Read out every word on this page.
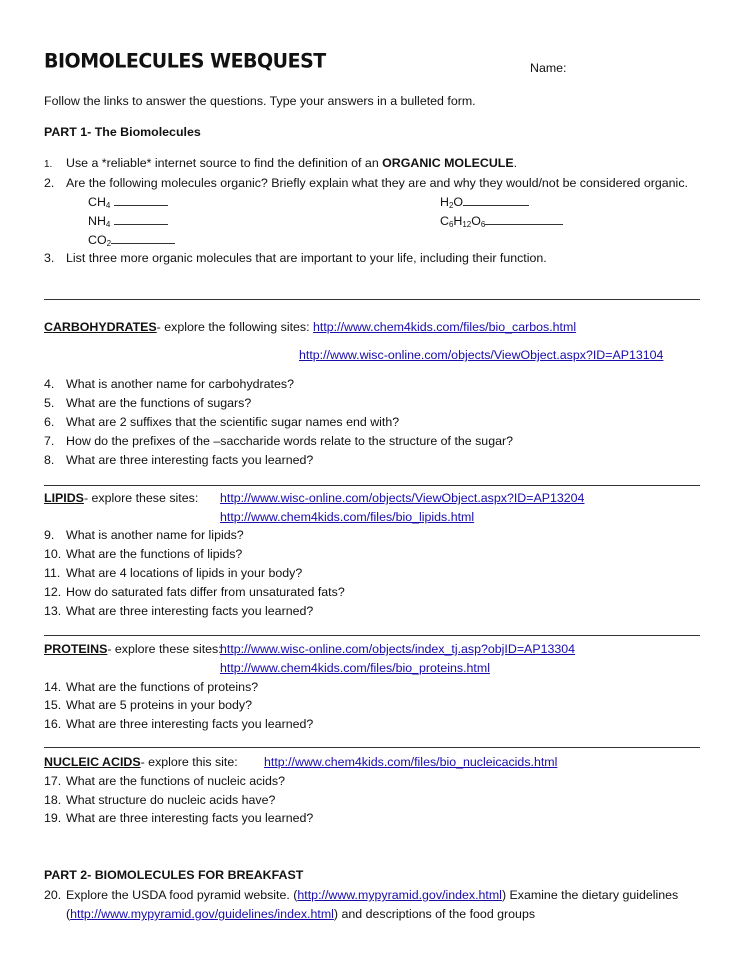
BIOMOLECULES WEBQUEST	Name:
Follow the links to answer the questions. Type your answers in a bulleted form.
PART 1- The Biomolecules
1. Use a *reliable* internet source to find the definition of an ORGANIC MOLECULE.
2. Are the following molecules organic? Briefly explain what they are and why they would/not be considered organic.
$CH_4$
$NH_4$
$CO_2$
$H_2O$
$C_6H_{12}O_6$
3. List three more organic molecules that are important to your life, including their function.
CARBOHYDRATES- explore the following sites: http://www.chem4kids.com/files/bio_carbos.html
http://www.wisc-online.com/objects/ViewObject.aspx?ID=AP13104
4. What is another name for carbohydrates?
5. What are the functions of sugars?
6. What are 2 suffixes that the scientific sugar names end with?
7. How do the prefixes of the –saccharide words relate to the structure of the sugar?
8. What are three interesting facts you learned?
LIPIDS- explore these sites: http://www.wisc-online.com/objects/ViewObject.aspx?ID=AP13204
http://www.chem4kids.com/files/bio_lipids.html
9. What is another name for lipids?
10. What are the functions of lipids?
11. What are 4 locations of lipids in your body?
12. How do saturated fats differ from unsaturated fats?
13. What are three interesting facts you learned?
PROTEINS- explore these sites:
http://www.wisc-online.com/objects/index_tj.asp?objID=AP13304
http://www.chem4kids.com/files/bio_proteins.html
14. What are the functions of proteins?
15. What are 5 proteins in your body?
16. What are three interesting facts you learned?
NUCLEIC ACIDS- explore this site: http://www.chem4kids.com/files/bio_nucleicacids.html
17. What are the functions of nucleic acids?
18. What structure do nucleic acids have?
19. What are three interesting facts you learned?
PART 2- BIOMOLECULES FOR BREAKFAST
20. Explore the USDA food pyramid website. (http://www.mypyramid.gov/index.html) Examine the dietary guidelines
(http://www.mypyramid.gov/guidelines/index.html) and descriptions of the food groups
